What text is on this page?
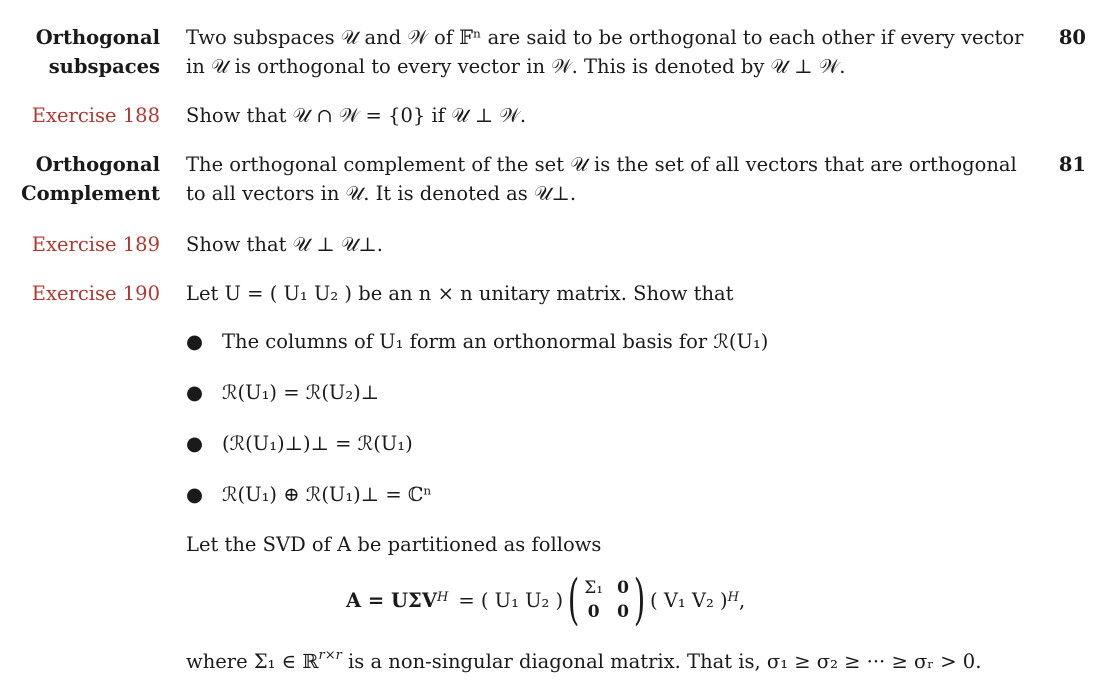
Orthogonal
subspaces
Two subspaces 𝒰 and 𝒲 of 𝔽ⁿ are said to be orthogonal to each other if every vector
in 𝒰 is orthogonal to every vector in 𝒲. This is denoted by 𝒰 ⊥ 𝒲.
80
Exercise 188 Show that 𝒰 ∩ 𝒲 = {0} if 𝒰 ⊥ 𝒲.
Orthogonal
Complement
The orthogonal complement of the set 𝒰 is the set of all vectors that are orthogonal
to all vectors in 𝒰. It is denoted as 𝒰⊥.
81
Exercise 189 Show that 𝒰 ⊥ 𝒰⊥.
Exercise 190 Let U = ( U₁ U₂ ) be an n × n unitary matrix. Show that
● The columns of U₁ form an orthonormal basis for ℛ(U₁)
● ℛ(U₁) = ℛ(U₂)⊥
● (ℛ(U₁)⊥)⊥ = ℛ(U₁)
● ℛ(U₁) ⊕ ℛ(U₁)⊥ = ℂⁿ
Let the SVD of A be partitioned as follows
$A = U\Sigma V^H$ = ( U₁ U₂ ) ( Σ₁ 0
0 0 ) ( V₁ V₂ )$^H$ ,
where Σ₁ ∈ ℝ$^{r\times r}$ is a non-singular diagonal matrix. That is, σ₁ ≥ σ₂ ≥ ··· ≥ σᵣ > 0.
